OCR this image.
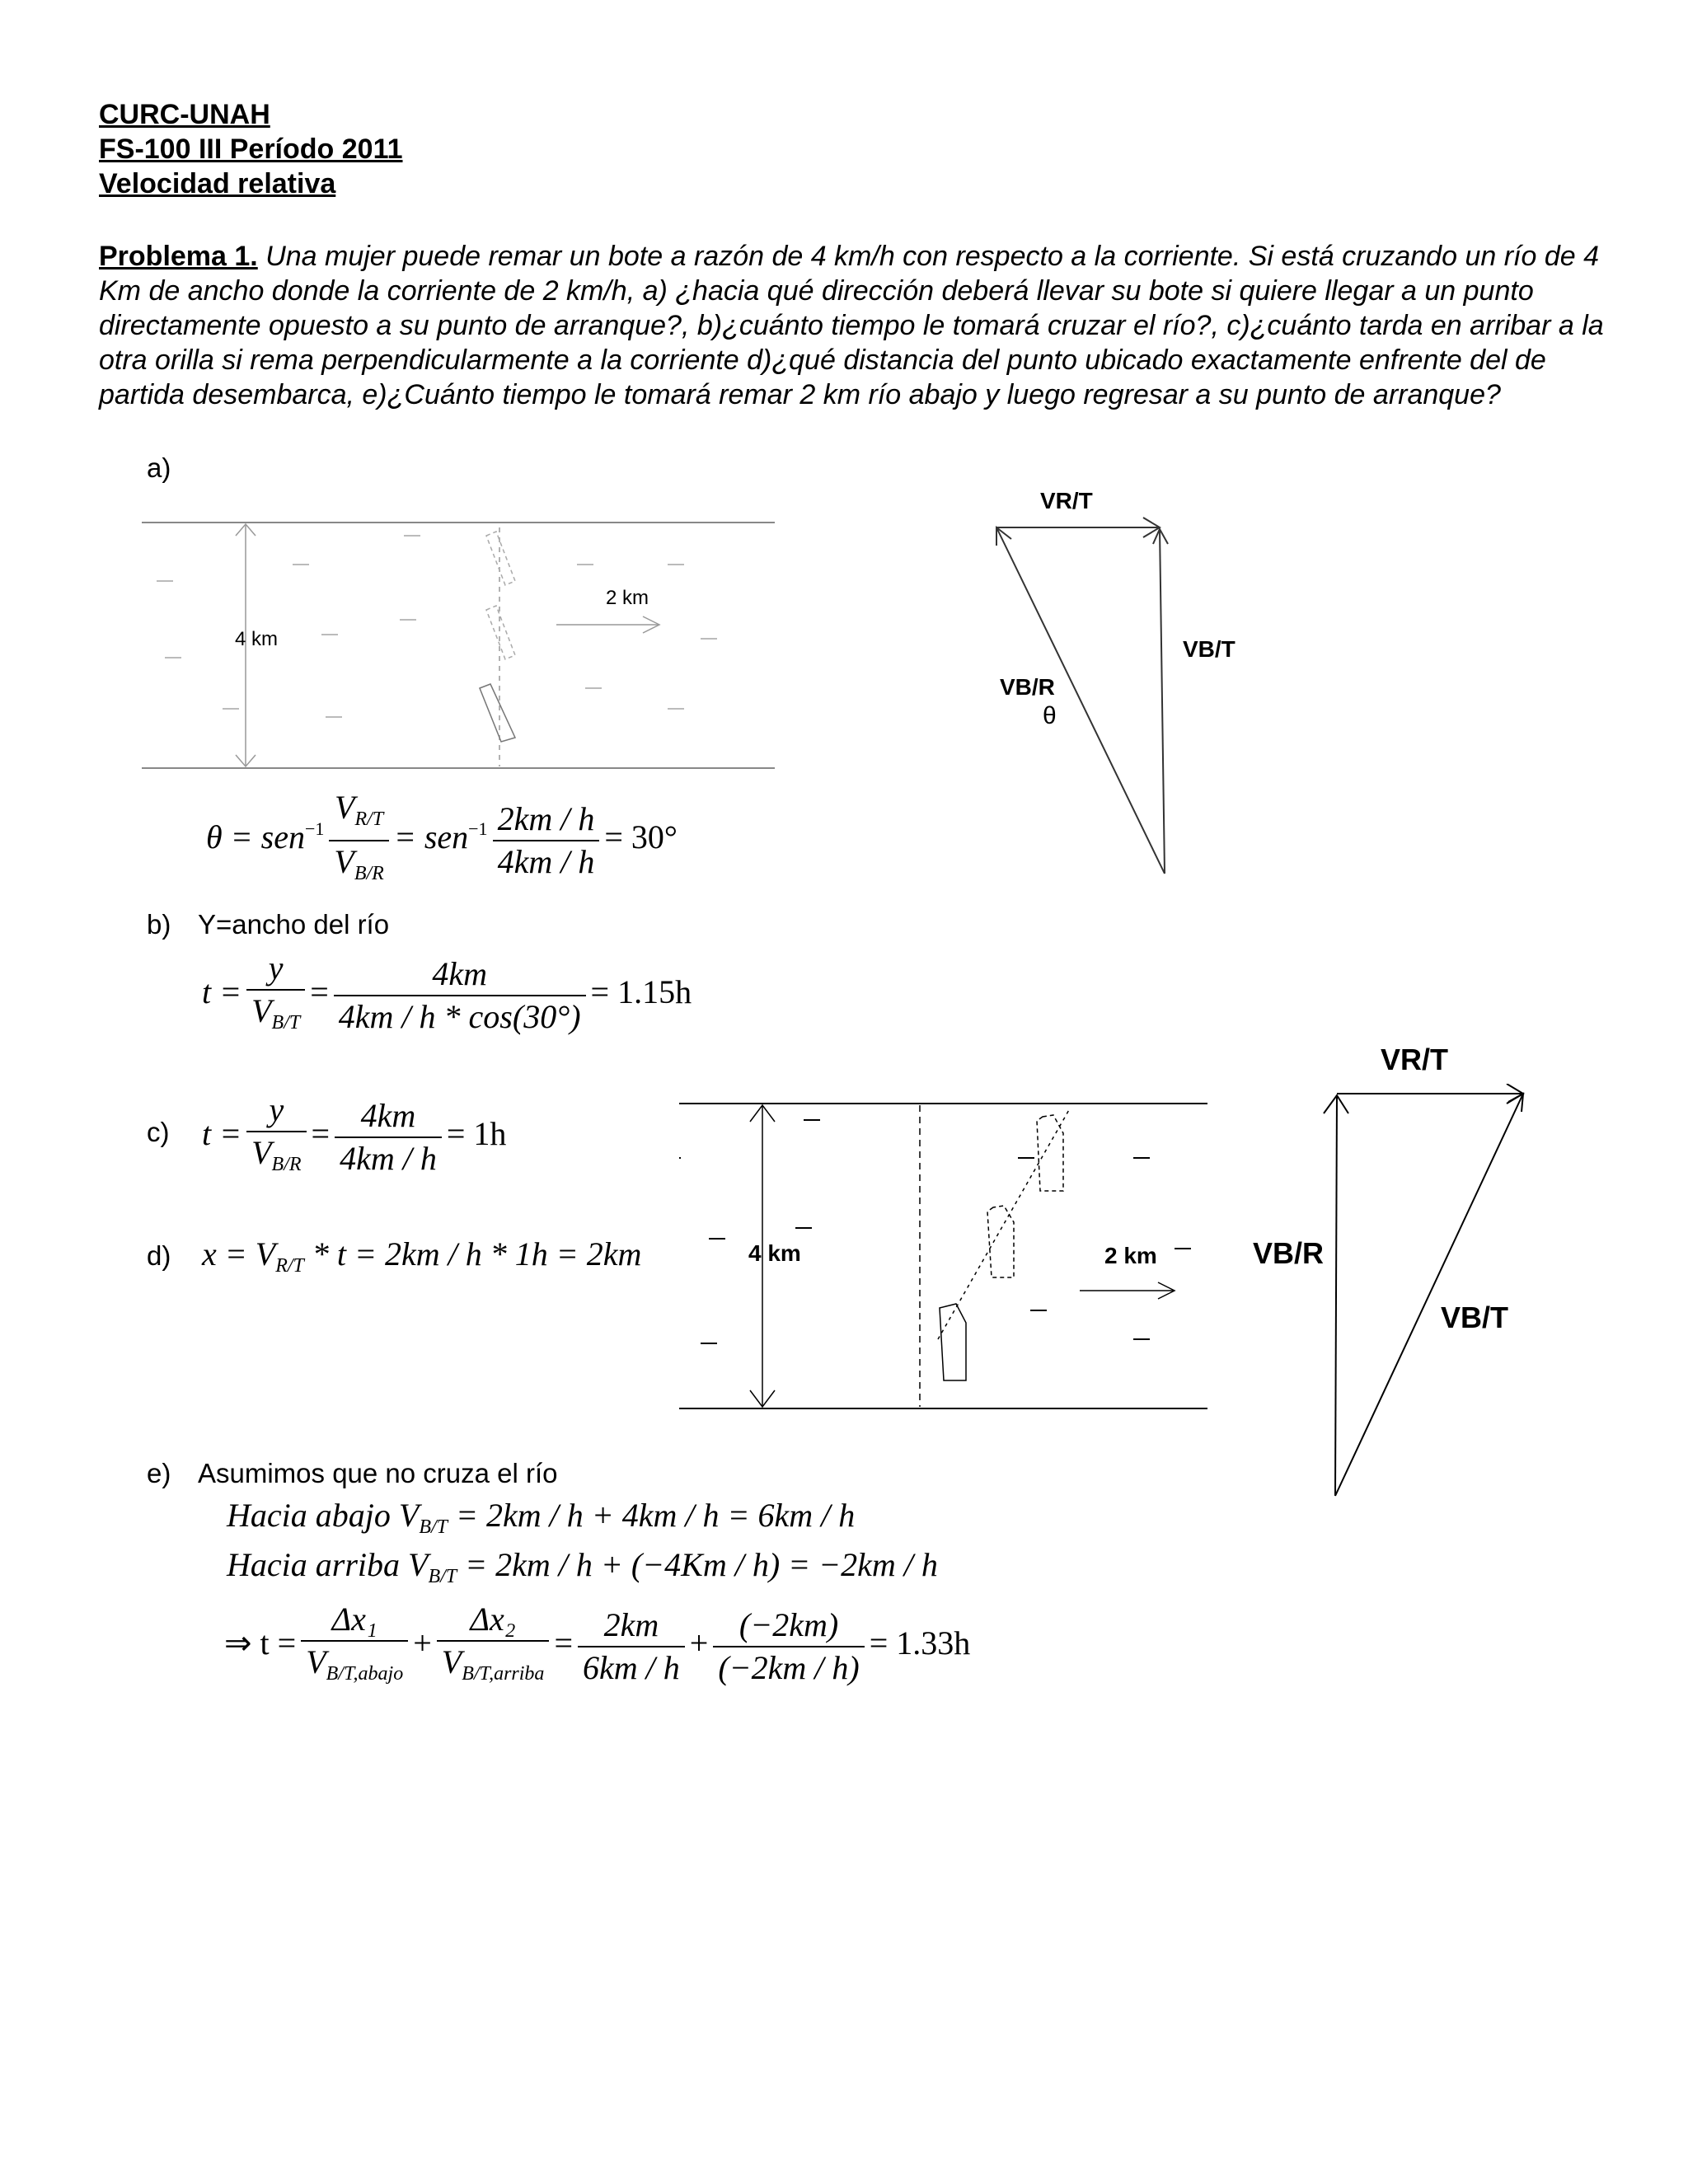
CURC-UNAH
FS-100 III Período 2011
Velocidad relativa
Problema 1. Una mujer puede remar un bote a razón de 4 km/h con respecto a la corriente. Si está cruzando un río de 4 Km de ancho donde la corriente de 2 km/h, a) ¿hacia qué dirección deberá llevar su bote si quiere llegar a un punto directamente opuesto a su punto de arranque?, b)¿cuánto tiempo le tomará cruzar el río?, c)¿cuánto tarda en arribar a la otra orilla si rema perpendicularmente a la corriente d)¿qué distancia del punto ubicado exactamente enfrente del de partida desembarca, e)¿Cuánto tiempo le tomará remar 2 km río abajo y luego regresar a su punto de arranque?
a)
4 km
2 km
VR/T
VB/T
VB/R
θ
$\theta = sen^{-1} \frac{V_{R/T}}{V_{B/R}} = sen^{-1} \frac{2km / h}{4km / h} = 30^\circ$
b) Y=ancho del río
$t = \frac{y}{V_{B/T}} = \frac{4km}{4km / h * \cos(30^\circ)} = 1.15h$
c) $t = \frac{y}{V_{B/R}} = \frac{4km}{4km / h} = 1h$
d) $x = V_{R/T} * t = 2km / h * 1h = 2km$	4 km	2 km
VR/T
VB/R
VB/T
e) Asumimos que no cruza el río
Hacia abajo $V_{B/T} = 2km / h + 4km / h = 6km / h$
Hacia arriba $V_{B/T} = 2km / h + (-4Km / h) = -2km / h$
⇒ $t = \frac{\text{Δx₁}}{V_{B/T,abajo}} + \frac{\text{Δx₂}}{V_{B/T,arriba}} = \frac{2km}{6km / h} + \frac{(-2km)}{(-2km / h)} = 1.33h$
